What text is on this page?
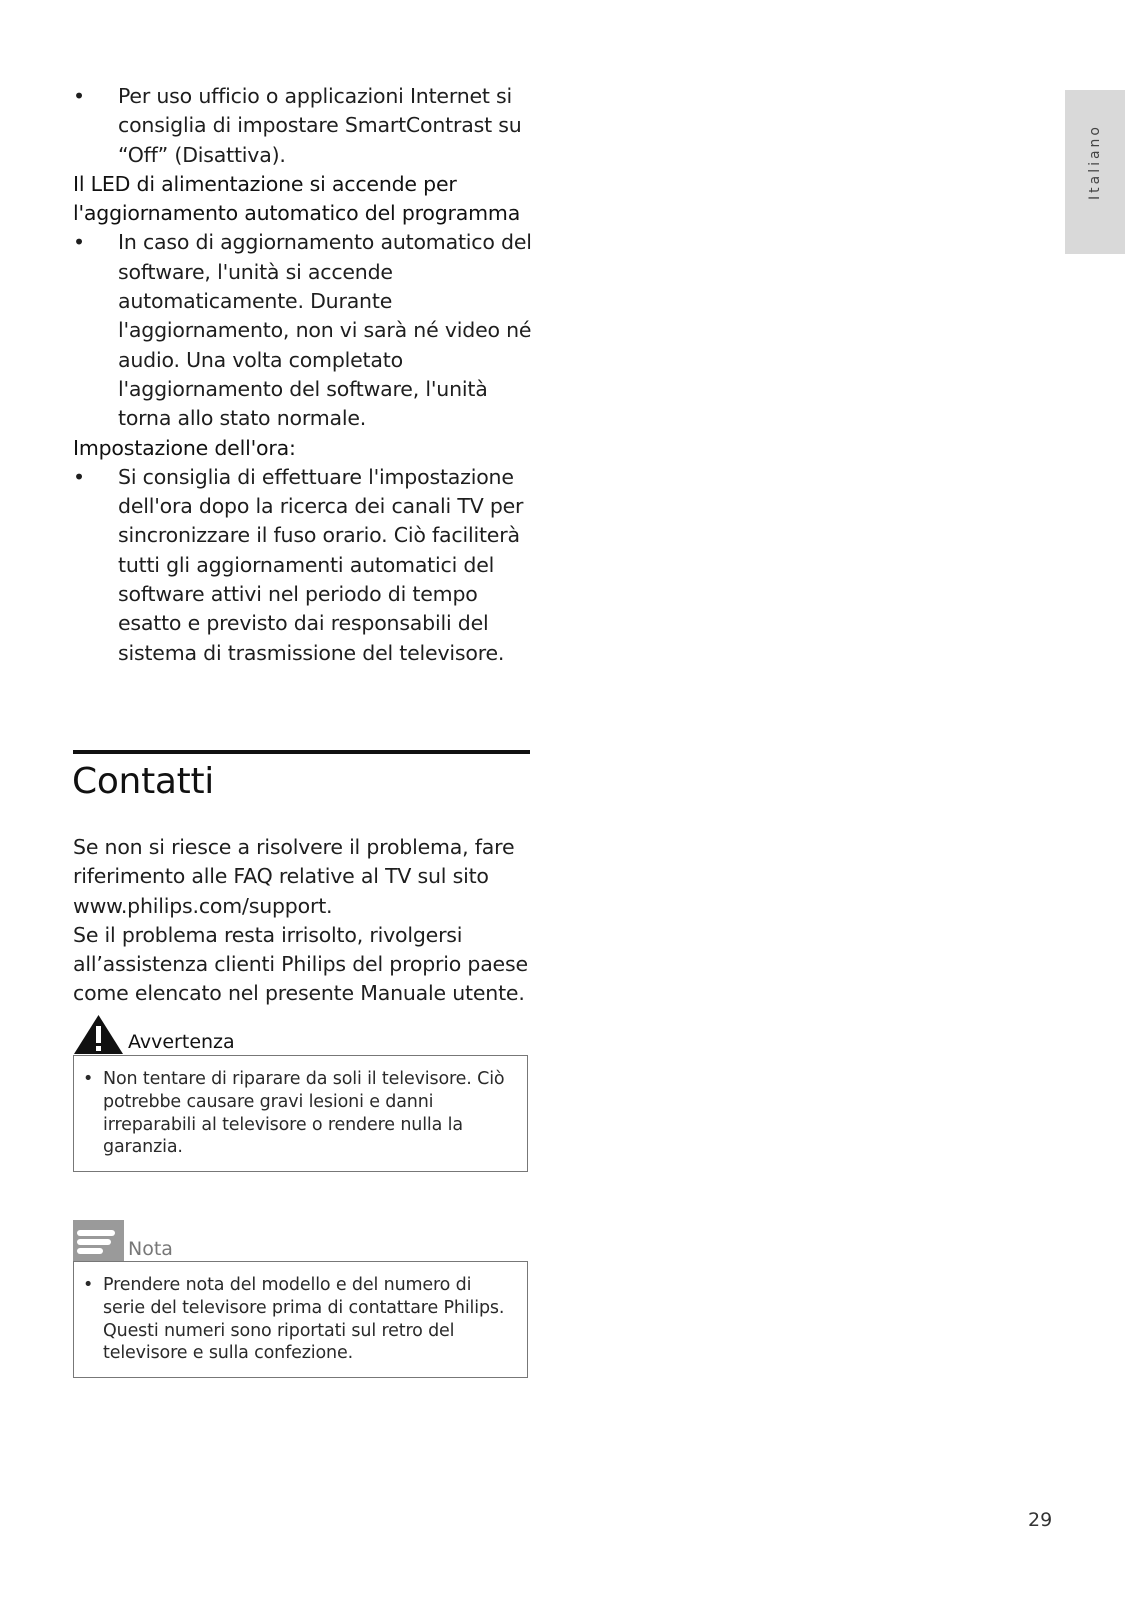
Italiano
• Per uso ufficio o applicazioni Internet si consiglia di impostare SmartContrast su “Off” (Disattiva).
Il LED di alimentazione si accende per l'aggiornamento automatico del programma
• In caso di aggiornamento automatico del software, l'unità si accende automaticamente. Durante l'aggiornamento, non vi sarà né video né audio. Una volta completato l'aggiornamento del software, l'unità torna allo stato normale.
Impostazione dell'ora:
• Si consiglia di effettuare l'impostazione dell'ora dopo la ricerca dei canali TV per sincronizzare il fuso orario. Ciò faciliterà tutti gli aggiornamenti automatici del software attivi nel periodo di tempo esatto e previsto dai responsabili del sistema di trasmissione del televisore.
Contatti
Se non si riesce a risolvere il problema, fare riferimento alle FAQ relative al TV sul sito www.philips.com/support.
Se il problema resta irrisolto, rivolgersi all’assistenza clienti Philips del proprio paese come elencato nel presente Manuale utente.
Avvertenza
• Non tentare di riparare da soli il televisore. Ciò potrebbe causare gravi lesioni e danni irreparabili al televisore o rendere nulla la garanzia.
Nota
• Prendere nota del modello e del numero di serie del televisore prima di contattare Philips. Questi numeri sono riportati sul retro del televisore e sulla confezione.
29
